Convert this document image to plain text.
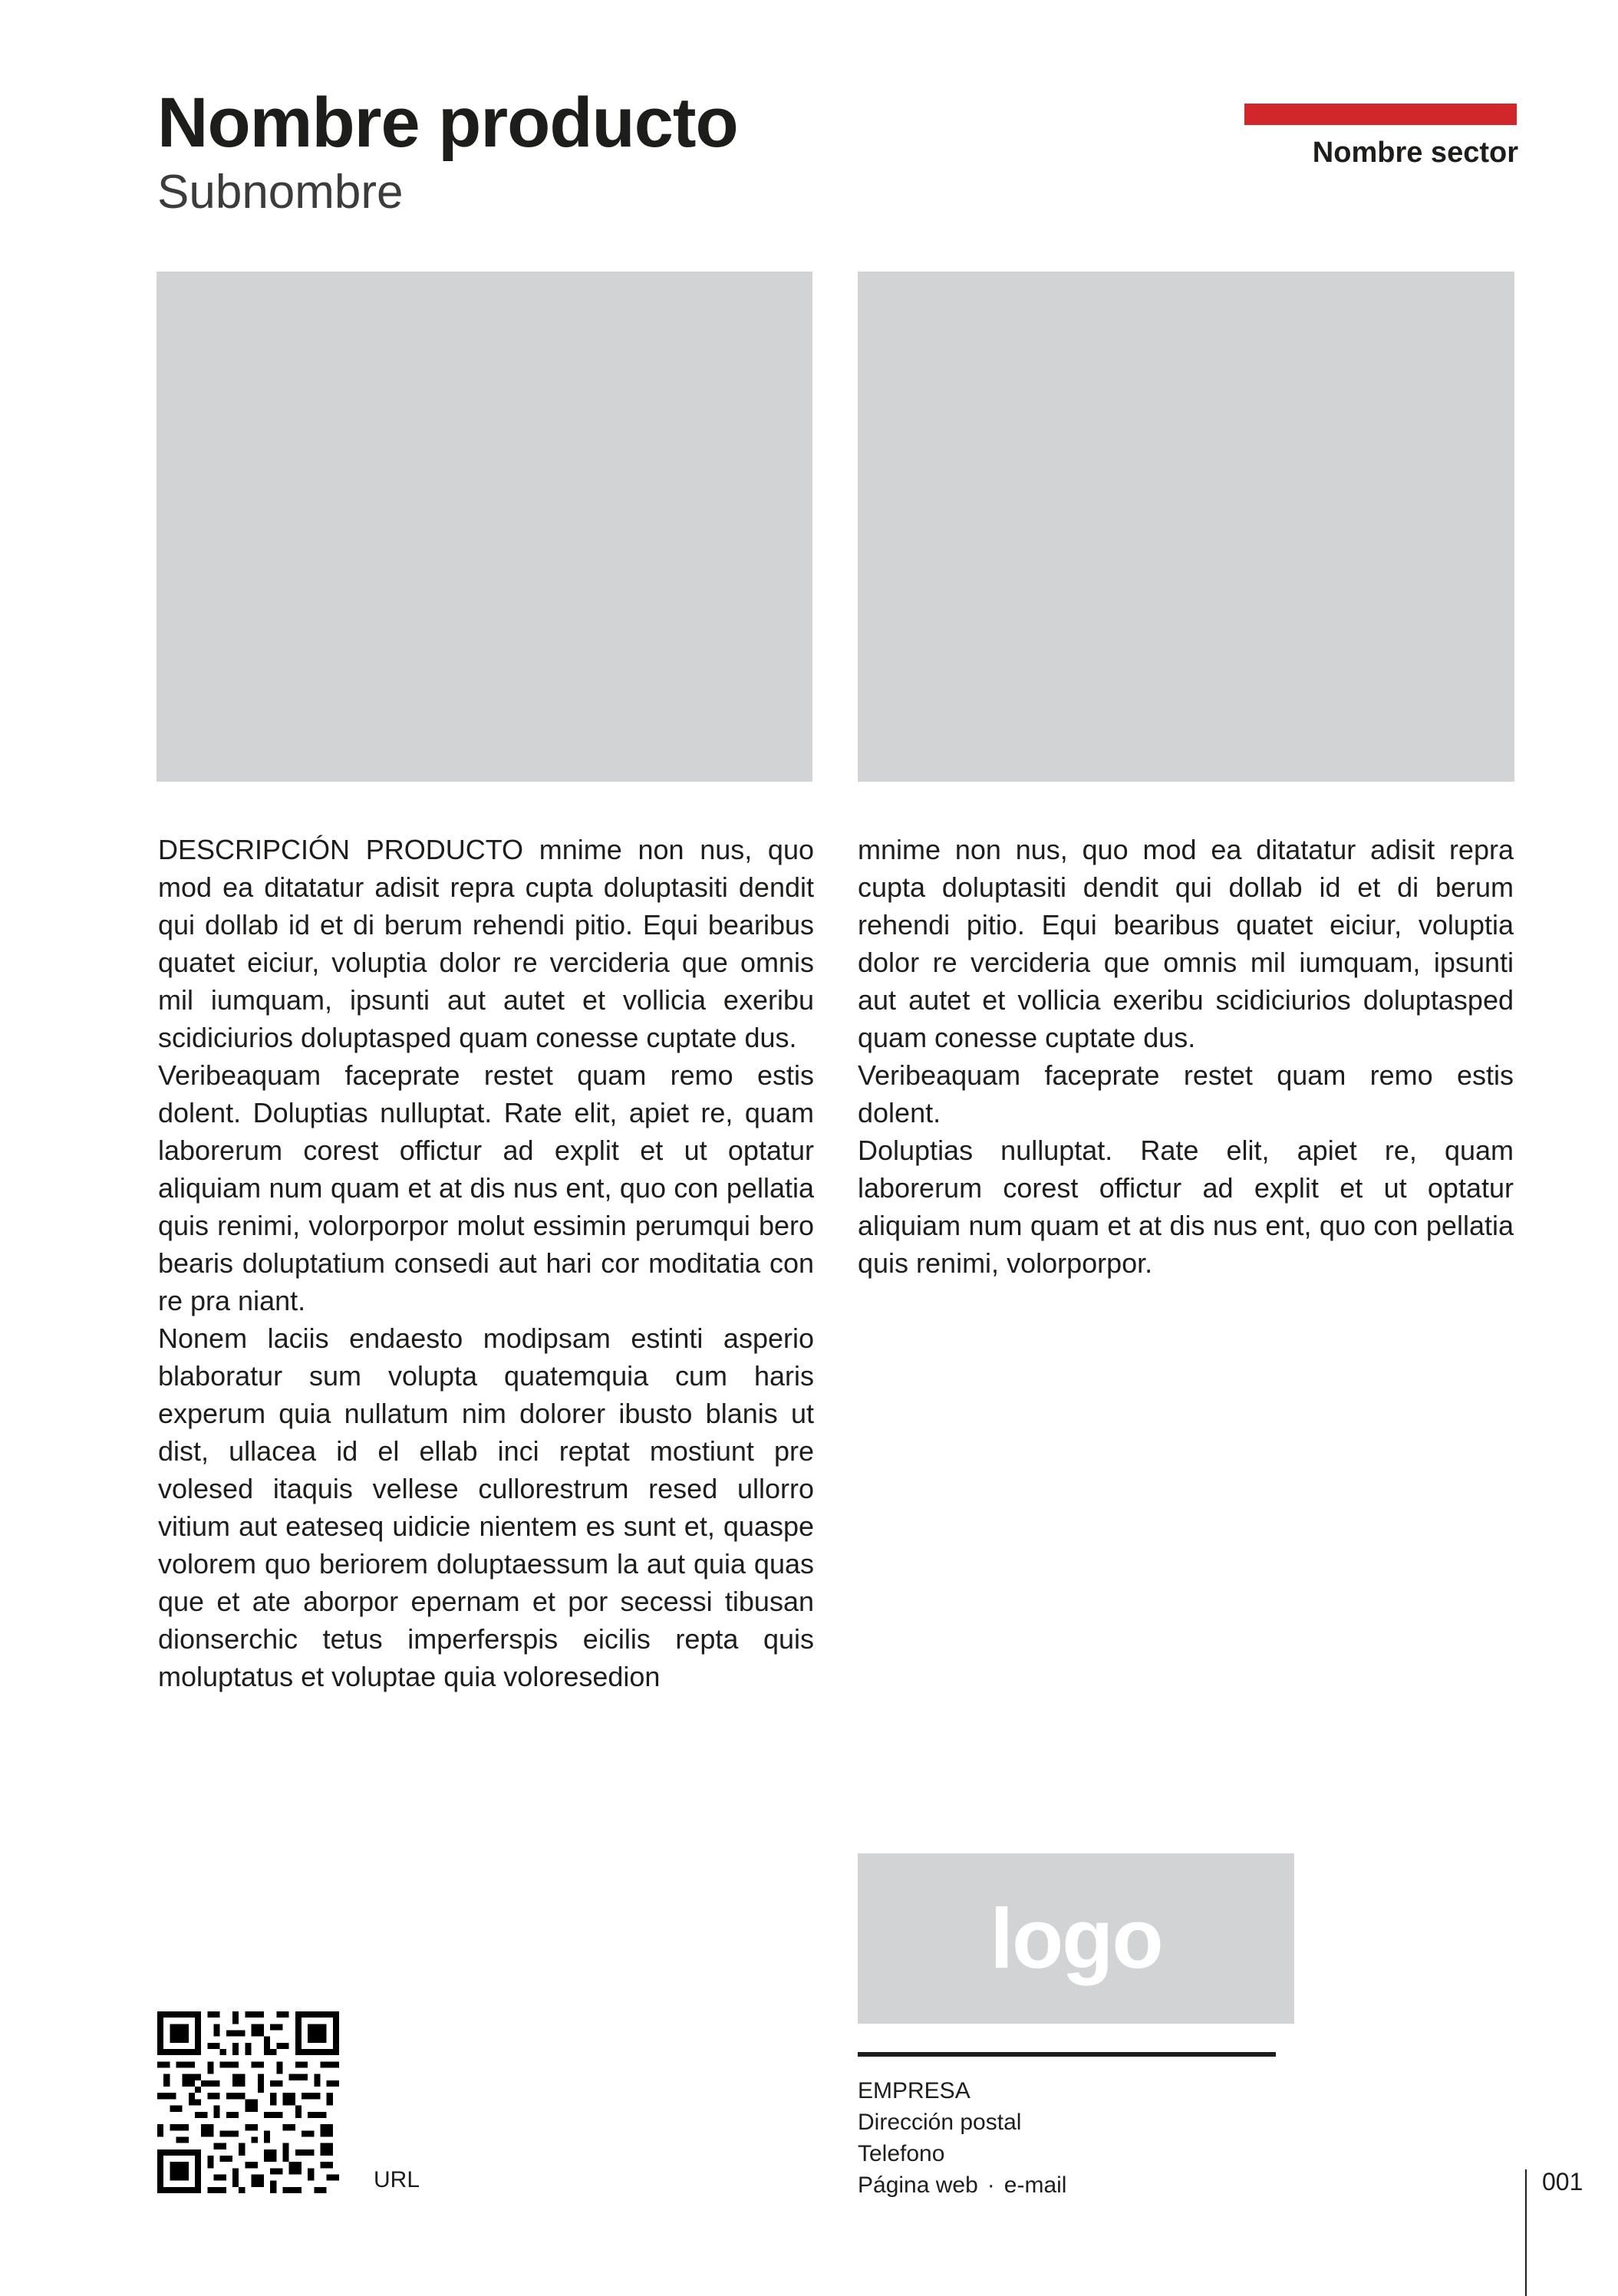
Nombre producto
Subnombre
Nombre sector

DESCRIPCIÓN PRODUCTO mnime non nus, quo mod ea ditatatur adisit repra cupta doluptasiti dendit qui dollab id et di berum rehendi pitio. Equi bearibus quatet eiciur, voluptia dolor re vercideria que omnis mil iumquam, ipsunti aut autet et vollicia exeribu scidiciurios doluptasped quam conesse cuptate dus.

Veribeaquam faceprate restet quam remo estis dolent. Doluptias nulluptat. Rate elit, apiet re, quam laborerum corest offictur ad explit et ut optatur aliquiam num quam et at dis nus ent, quo con pellatia quis renimi, volorporpor molut essimin perumqui bero bearis doluptatium consedi aut hari cor moditatia con re pra niant.

Nonem laciis endaesto modipsam estinti asperio blaboratur sum volupta quatemquia cum haris experum quia nullatum nim dolorer ibusto blanis ut dist, ullacea id el ellab inci reptat mostiunt pre volesed itaquis vellese cullorestrum resed ullorro vitium aut eateseq uidicie nientem es sunt et, quaspe volorem quo beriorem doluptaessum la aut quia quas que et ate aborpor epernam et por secessi tibusan dionserchic tetus imperferspis eicilis repta quis moluptatus et voluptae quia voloresedion

mnime non nus, quo mod ea ditatatur adisit repra cupta doluptasiti dendit qui dollab id et di berum rehendi pitio. Equi bearibus quatet eiciur, voluptia dolor re vercideria que omnis mil iumquam, ipsunti aut autet et vollicia exeribu scidiciurios doluptasped quam conesse cuptate dus.

Veribeaquam faceprate restet quam remo estis dolent.

Doluptias nulluptat. Rate elit, apiet re, quam laborerum corest offictur ad explit et ut optatur aliquiam num quam et at dis nus ent, quo con pellatia quis renimi, volorporpor.

logo
EMPRESA
Dirección postal
Telefono
Página web · e-mail
URL	001
